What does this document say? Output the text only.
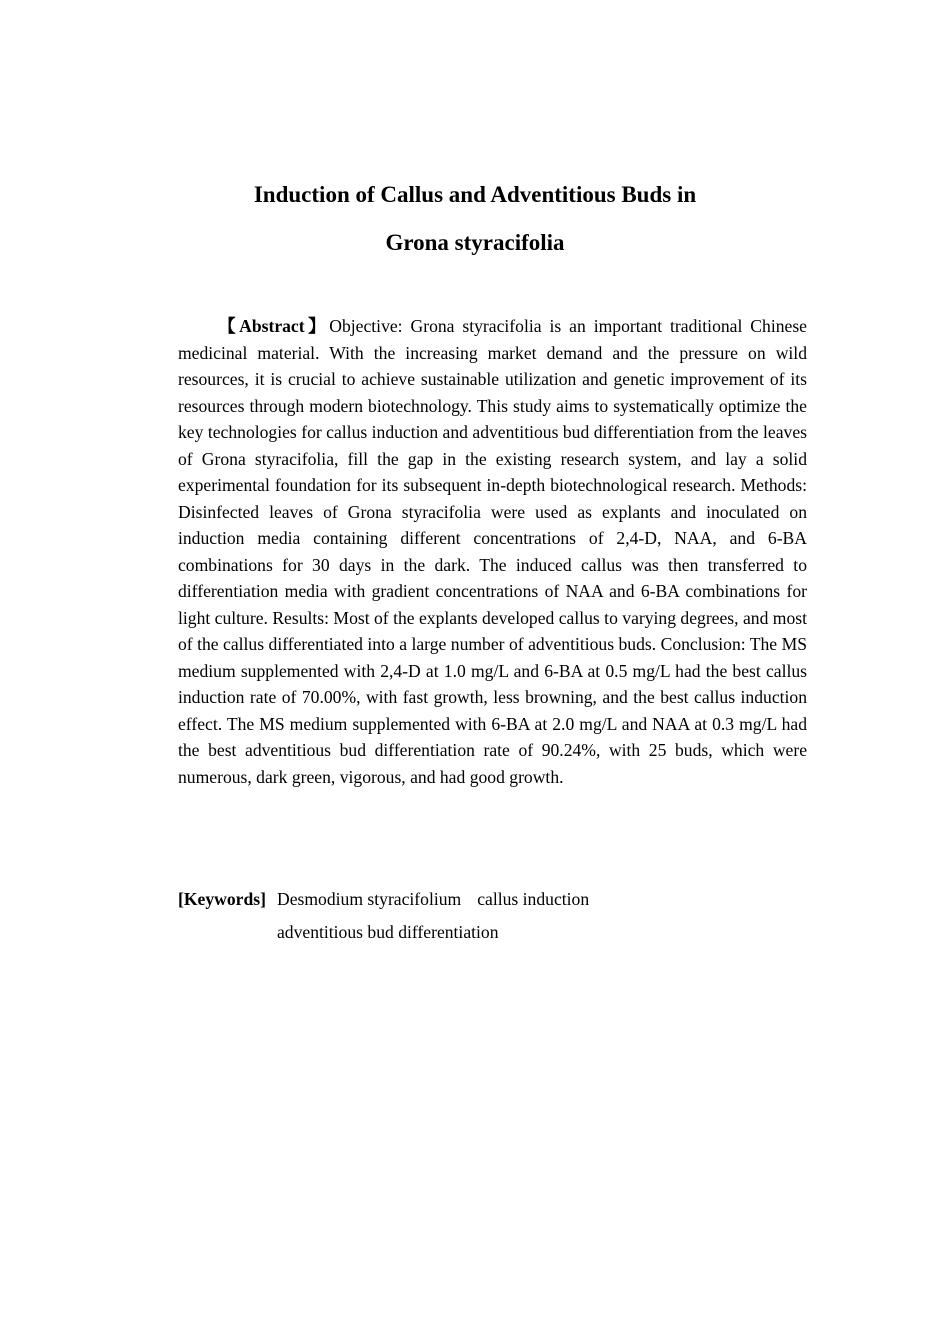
Induction of Callus and Adventitious Buds in
Grona styracifolia
【Abstract】Objective: Grona styracifolia is an important traditional Chinese medicinal material. With the increasing market demand and the pressure on wild resources, it is crucial to achieve sustainable utilization and genetic improvement of its resources through modern biotechnology. This study aims to systematically optimize the key technologies for callus induction and adventitious bud differentiation from the leaves of Grona styracifolia, fill the gap in the existing research system, and lay a solid experimental foundation for its subsequent in-depth biotechnological research. Methods: Disinfected leaves of Grona styracifolia were used as explants and inoculated on induction media containing different concentrations of 2,4-D, NAA, and 6-BA combinations for 30 days in the dark. The induced callus was then transferred to differentiation media with gradient concentrations of NAA and 6-BA combinations for light culture. Results: Most of the explants developed callus to varying degrees, and most of the callus differentiated into a large number of adventitious buds. Conclusion: The MS medium supplemented with 2,4-D at 1.0 mg/L and 6-BA at 0.5 mg/L had the best callus induction rate of 70.00%, with fast growth, less browning, and the best callus induction effect. The MS medium supplemented with 6-BA at 2.0 mg/L and NAA at 0.3 mg/L had the best adventitious bud differentiation rate of 90.24%, with 25 buds, which were numerous, dark green, vigorous, and had good growth.
[Keywords] Desmodium styracifolium callus induction
adventitious bud differentiation
